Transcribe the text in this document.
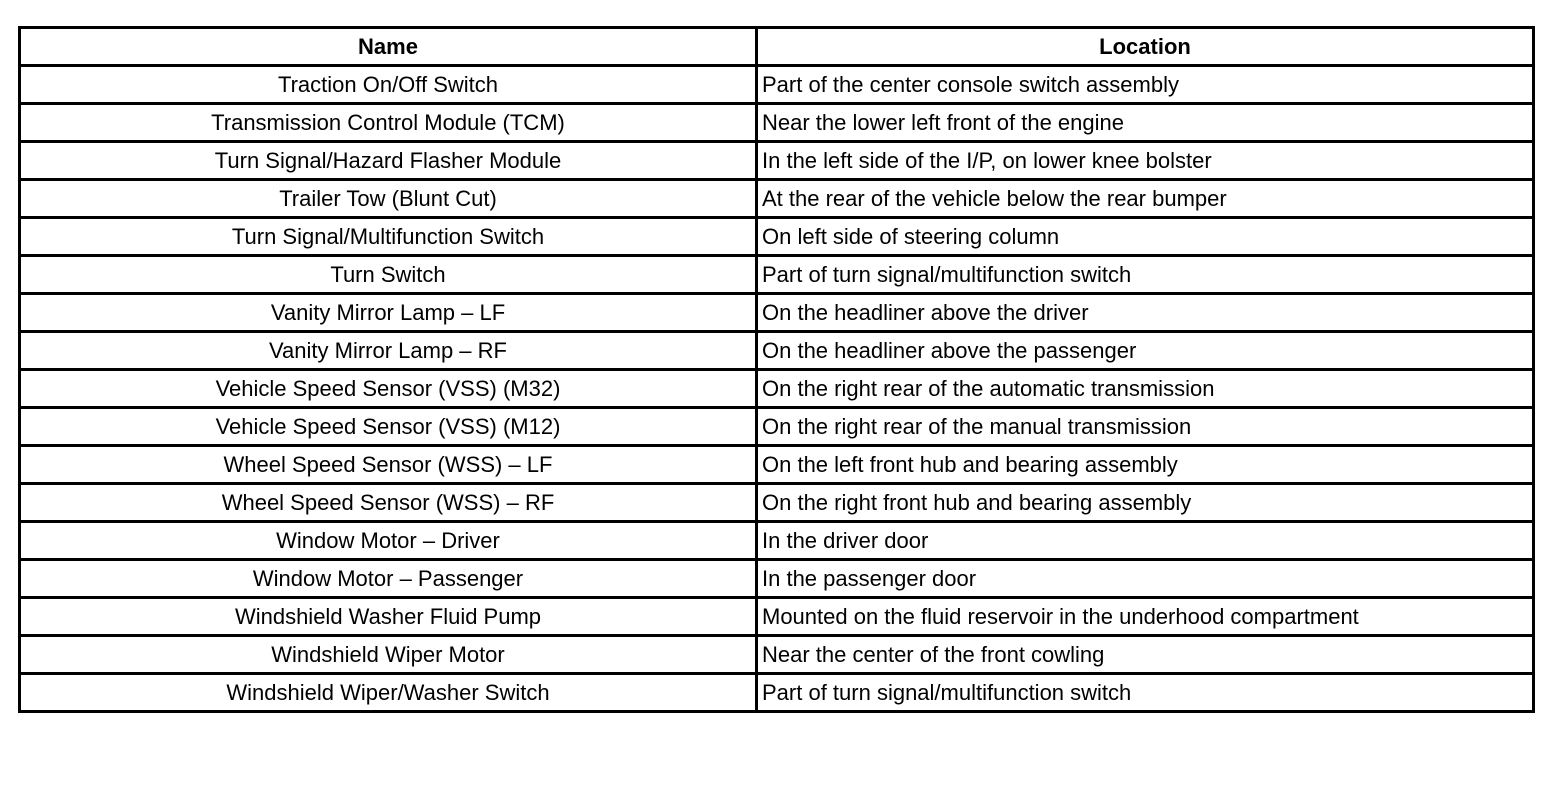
Name	Location
Traction On/Off Switch	Part of the center console switch assembly
Transmission Control Module (TCM)	Near the lower left front of the engine
Turn Signal/Hazard Flasher Module	In the left side of the I/P, on lower knee bolster
Trailer Tow (Blunt Cut)	At the rear of the vehicle below the rear bumper
Turn Signal/Multifunction Switch	On left side of steering column
Turn Switch	Part of turn signal/multifunction switch
Vanity Mirror Lamp – LF	On the headliner above the driver
Vanity Mirror Lamp – RF	On the headliner above the passenger
Vehicle Speed Sensor (VSS) (M32)	On the right rear of the automatic transmission
Vehicle Speed Sensor (VSS) (M12)	On the right rear of the manual transmission
Wheel Speed Sensor (WSS) – LF	On the left front hub and bearing assembly
Wheel Speed Sensor (WSS) – RF	On the right front hub and bearing assembly
Window Motor – Driver	In the driver door
Window Motor – Passenger	In the passenger door
Windshield Washer Fluid Pump	Mounted on the fluid reservoir in the underhood compartment
Windshield Wiper Motor	Near the center of the front cowling
Windshield Wiper/Washer Switch	Part of turn signal/multifunction switch
